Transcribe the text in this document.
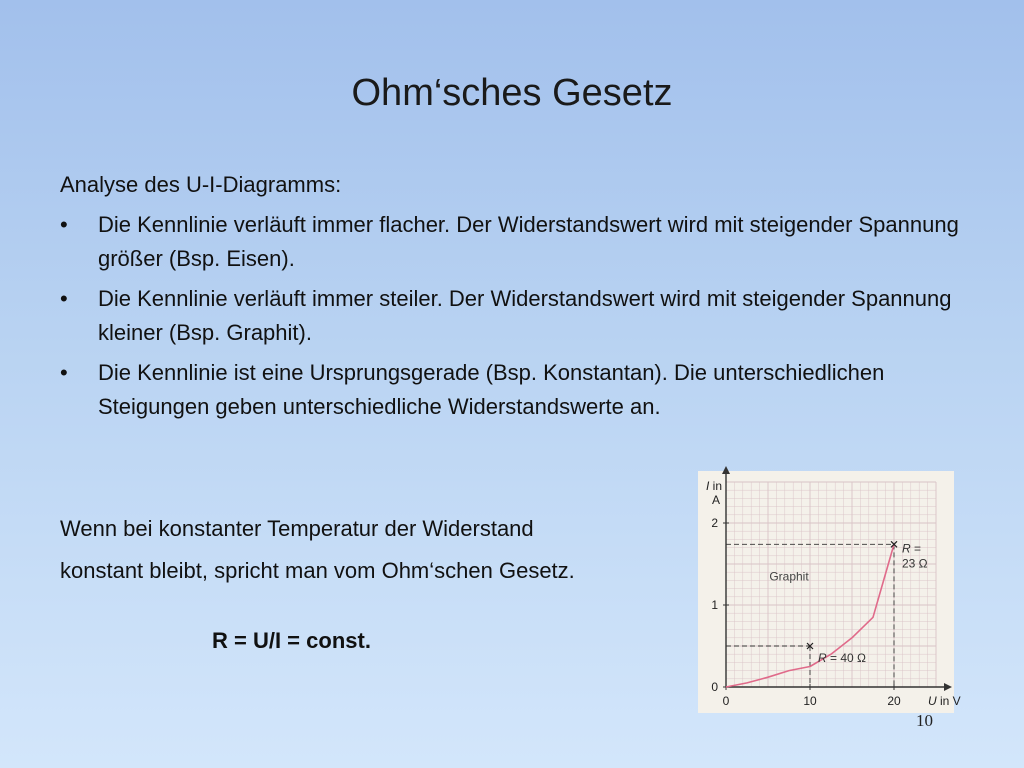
Ohm‘sches Gesetz

Analyse des U-I-Diagramms:

• Die Kennlinie verläuft immer flacher. Der Widerstandswert wird mit steigender Spannung größer (Bsp. Eisen).
• Die Kennlinie verläuft immer steiler. Der Widerstandswert wird mit steigender Spannung kleiner (Bsp. Graphit).
• Die Kennlinie ist eine Ursprungsgerade (Bsp. Konstantan). Die unterschiedlichen Steigungen geben unterschiedliche Widerstandswerte an.
Wenn bei konstanter Temperatur der Widerstand
konstant bleibt, spricht man vom Ohm‘schen Gesetz.
R = U/I = const.
0	10	20
0
1
2
I in
A
U in V
Graphit
R = 40 Ω
R =
23 Ω
10
